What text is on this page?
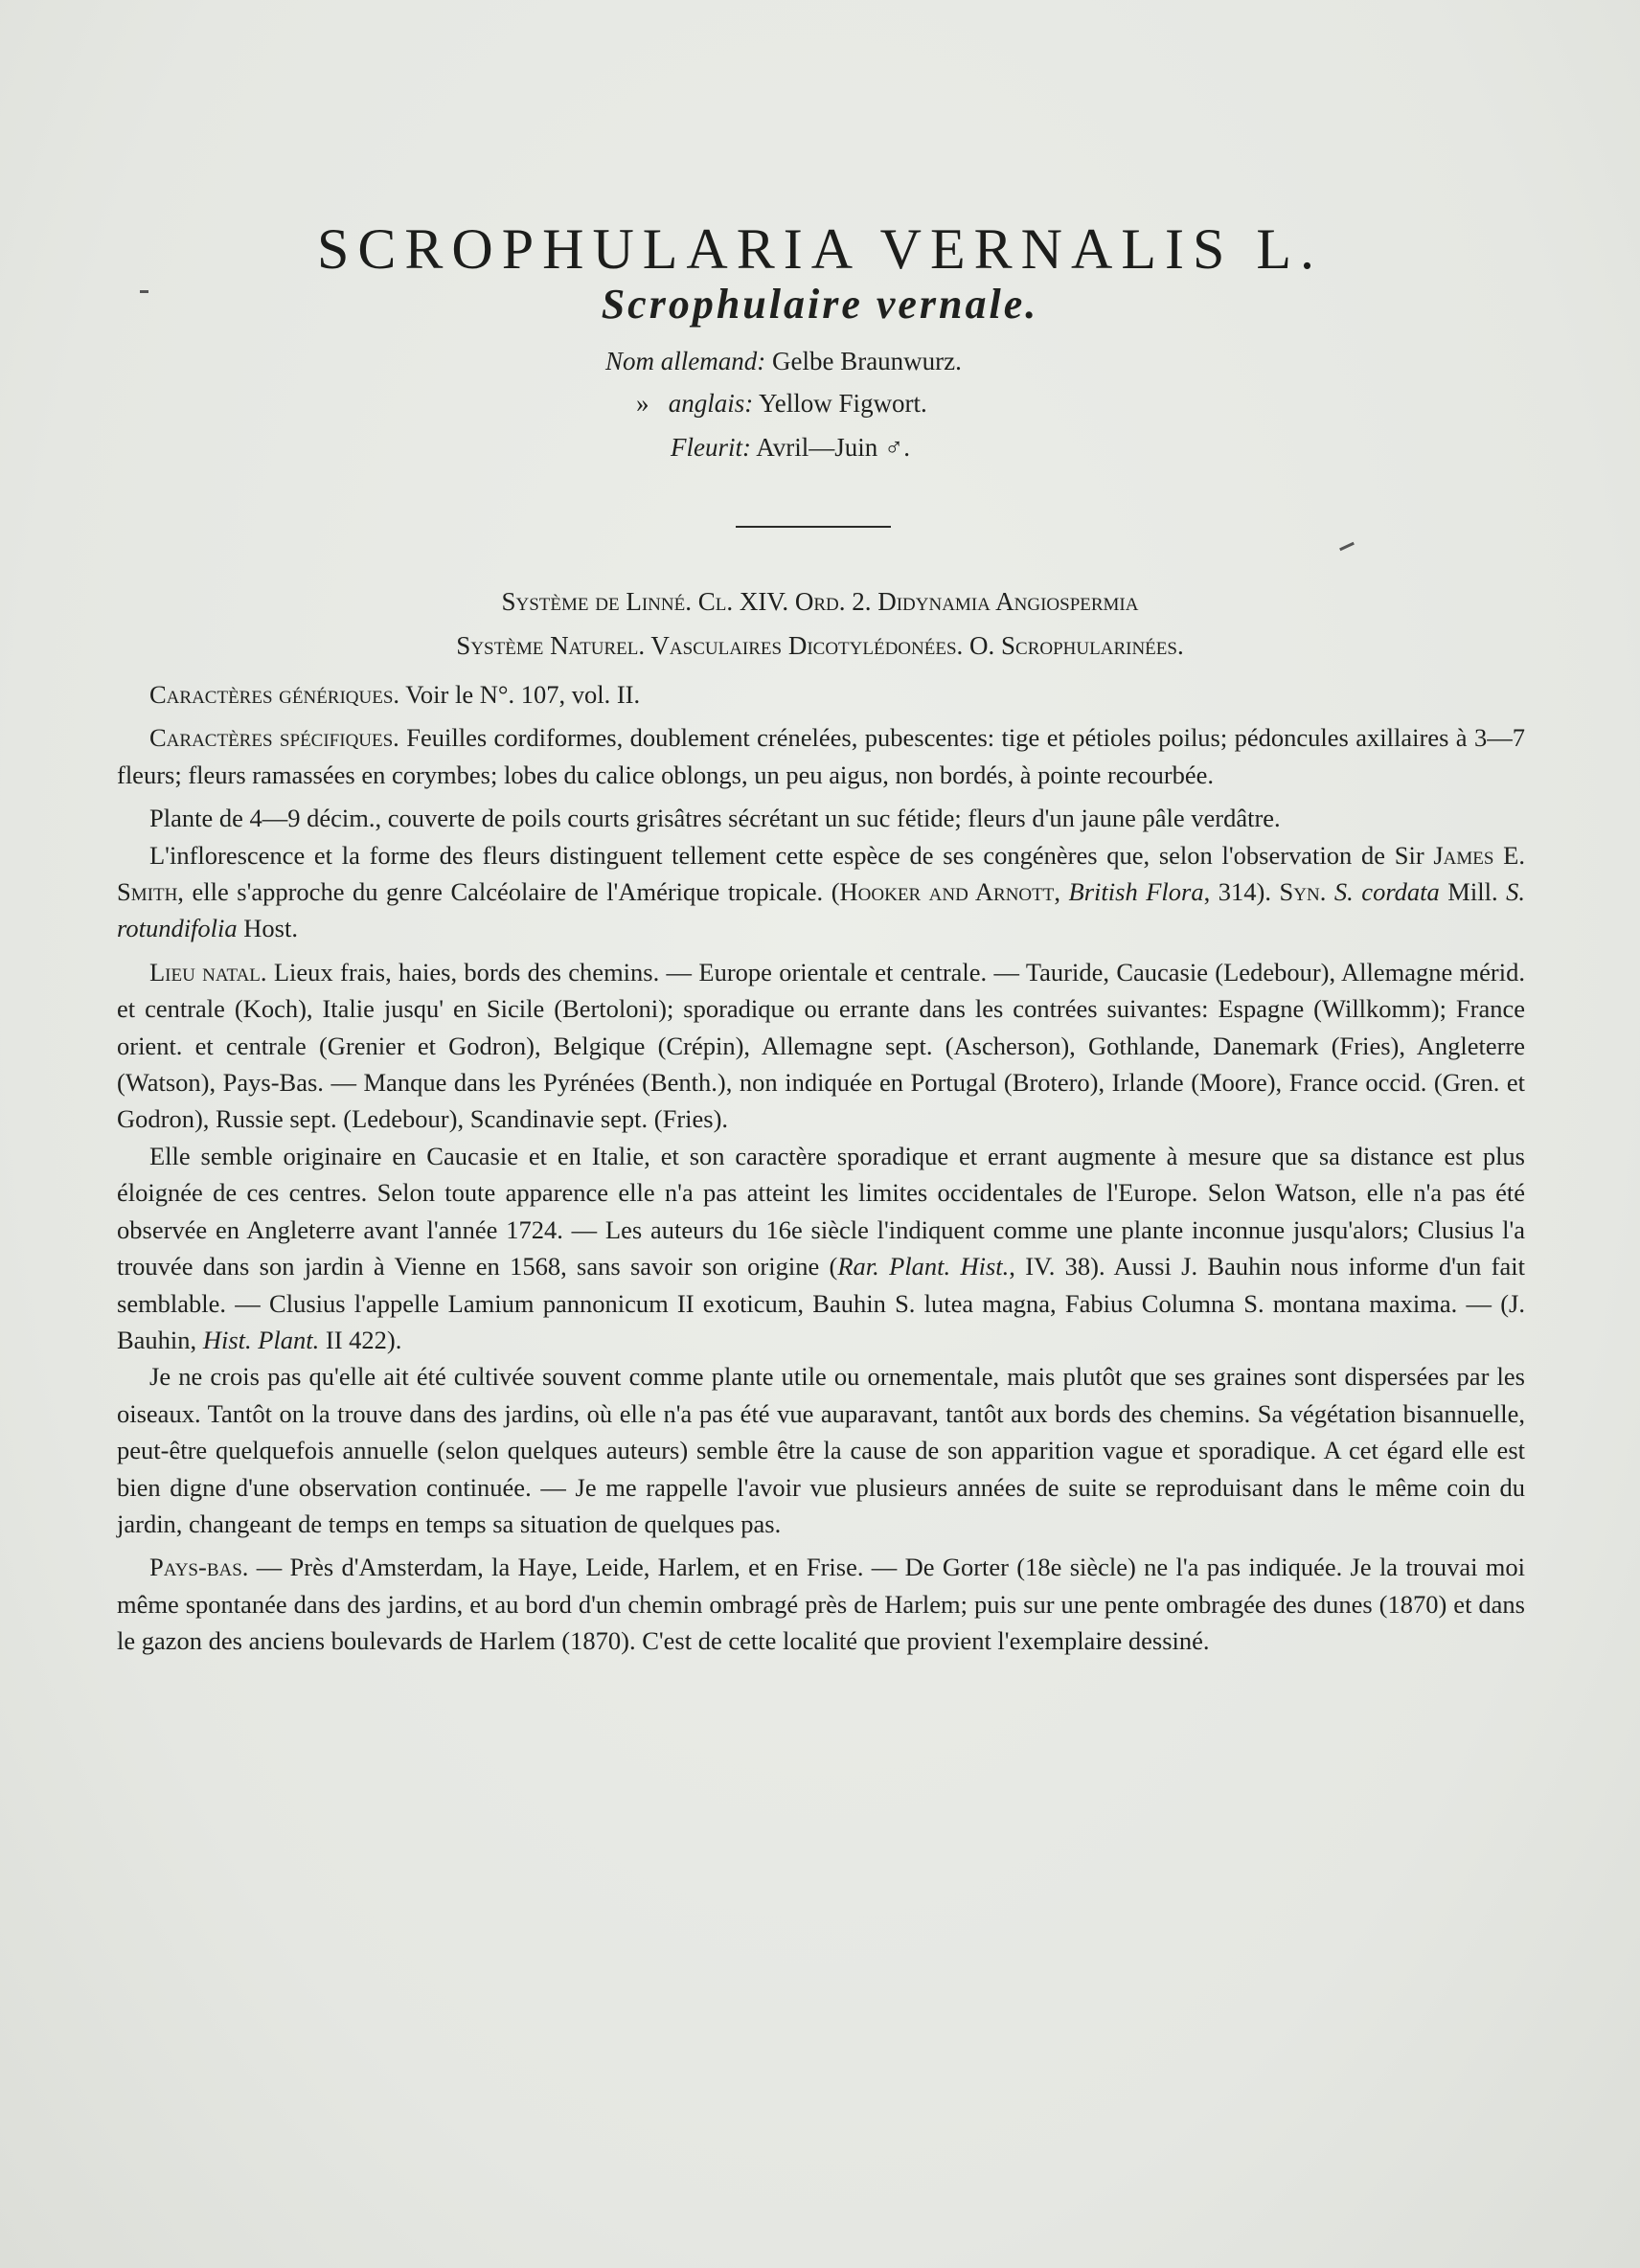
SCROPHULARIA VERNALIS L.
Scrophulaire vernale.
Nom allemand: Gelbe Braunwurz.
» anglais: Yellow Figwort.
Fleurit: Avril—Juin ♂.
Système de Linné. Cl. XIV. Ord. 2. Didynamia Angiospermia
Système Naturel. Vasculaires Dicotylédonées. O. Scrophularinées.

Caractères génériques. Voir le N°. 107, vol. II.

Caractères spécifiques. Feuilles cordiformes, doublement crénelées, pubescentes: tige et pétioles poilus; pédoncules axillaires à 3—7 fleurs; fleurs ramassées en corymbes; lobes du calice oblongs, un peu aigus, non bordés, à pointe recourbée.

Plante de 4—9 décim., couverte de poils courts grisâtres sécrétant un suc fétide; fleurs d'un jaune pâle verdâtre.

L'inflorescence et la forme des fleurs distinguent tellement cette espèce de ses congénères que, selon l'observation de Sir James E. Smith, elle s'approche du genre Calcéolaire de l'Amérique tropicale. (Hooker and Arnott, British Flora, 314). Syn. S. cordata Mill. S. rotundifolia Host.

Lieu natal. Lieux frais, haies, bords des chemins. — Europe orientale et centrale. — Tauride, Caucasie (Ledebour), Allemagne mérid. et centrale (Koch), Italie jusqu' en Sicile (Bertoloni); sporadique ou errante dans les contrées suivantes: Espagne (Willkomm); France orient. et centrale (Grenier et Godron), Belgique (Crépin), Allemagne sept. (Ascherson), Gothlande, Danemark (Fries), Angleterre (Watson), Pays-Bas. — Manque dans les Pyrénées (Benth.), non indiquée en Portugal (Brotero), Irlande (Moore), France occid. (Gren. et Godron), Russie sept. (Ledebour), Scandinavie sept. (Fries).

Elle semble originaire en Caucasie et en Italie, et son caractère sporadique et errant augmente à mesure que sa distance est plus éloignée de ces centres. Selon toute apparence elle n'a pas atteint les limites occidentales de l'Europe. Selon Watson, elle n'a pas été observée en Angleterre avant l'année 1724. — Les auteurs du 16e siècle l'indiquent comme une plante inconnue jusqu'alors; Clusius l'a trouvée dans son jardin à Vienne en 1568, sans savoir son origine (Rar. Plant. Hist., IV. 38). Aussi J. Bauhin nous informe d'un fait semblable. — Clusius l'appelle Lamium pannonicum II exoticum, Bauhin S. lutea magna, Fabius Columna S. montana maxima. — (J. Bauhin, Hist. Plant. II 422).

Je ne crois pas qu'elle ait été cultivée souvent comme plante utile ou ornementale, mais plutôt que ses graines sont dispersées par les oiseaux. Tantôt on la trouve dans des jardins, où elle n'a pas été vue auparavant, tantôt aux bords des chemins. Sa végétation bisannuelle, peut-être quelquefois annuelle (selon quelques auteurs) semble être la cause de son apparition vague et sporadique. A cet égard elle est bien digne d'une observation continuée. — Je me rappelle l'avoir vue plusieurs années de suite se reproduisant dans le même coin du jardin, changeant de temps en temps sa situation de quelques pas.

Pays-bas. — Près d'Amsterdam, la Haye, Leide, Harlem, et en Frise. — De Gorter (18e siècle) ne l'a pas indiquée. Je la trouvai moi même spontanée dans des jardins, et au bord d'un chemin ombragé près de Harlem; puis sur une pente ombragée des dunes (1870) et dans le gazon des anciens boulevards de Harlem (1870). C'est de cette localité que provient l'exemplaire dessiné.
